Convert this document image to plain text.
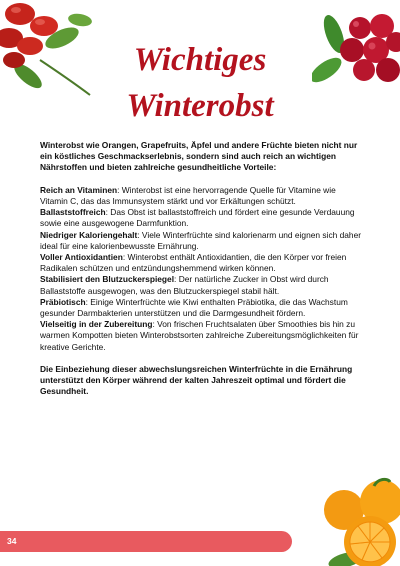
Wichtiges
Winterobst

Winterobst wie Orangen, Grapefruits, Äpfel und andere Früchte bieten nicht nur ein köstliches Geschmackserlebnis, sondern sind auch reich an wichtigen Nährstoffen und bieten zahlreiche gesundheitliche Vorteile:

Reich an Vitaminen: Winterobst ist eine hervorragende Quelle für Vitamine wie Vitamin C, das das Immunsystem stärkt und vor Erkältungen schützt.

Ballaststoffreich: Das Obst ist ballaststoffreich und fördert eine gesunde Verdauung sowie eine ausgewogene Darmfunktion.

Niedriger Kaloriengehalt: Viele Winterfrüchte sind kalorienarm und eignen sich daher ideal für eine kalorienbewusste Ernährung.

Voller Antioxidantien: Winterobst enthält Antioxidantien, die den Körper vor freien Radikalen schützen und entzündungshemmend wirken können.

Stabilisiert den Blutzuckerspiegel: Der natürliche Zucker in Obst wird durch Ballaststoffe ausgewogen, was den Blutzuckerspiegel stabil hält.

Präbiotisch: Einige Winterfrüchte wie Kiwi enthalten Präbiotika, die das Wachstum gesunder Darmbakterien unterstützen und die Darmgesundheit fördern.

Vielseitig in der Zubereitung: Von frischen Fruchtsalaten über Smoothies bis hin zu warmen Kompotten bieten Winterobstsorten zahlreiche Zubereitungsmöglichkeiten für kreative Gerichte.

Die Einbeziehung dieser abwechslungsreichen Winterfrüchte in die Ernährung unterstützt den Körper während der kalten Jahreszeit optimal und fördert die Gesundheit.

34
